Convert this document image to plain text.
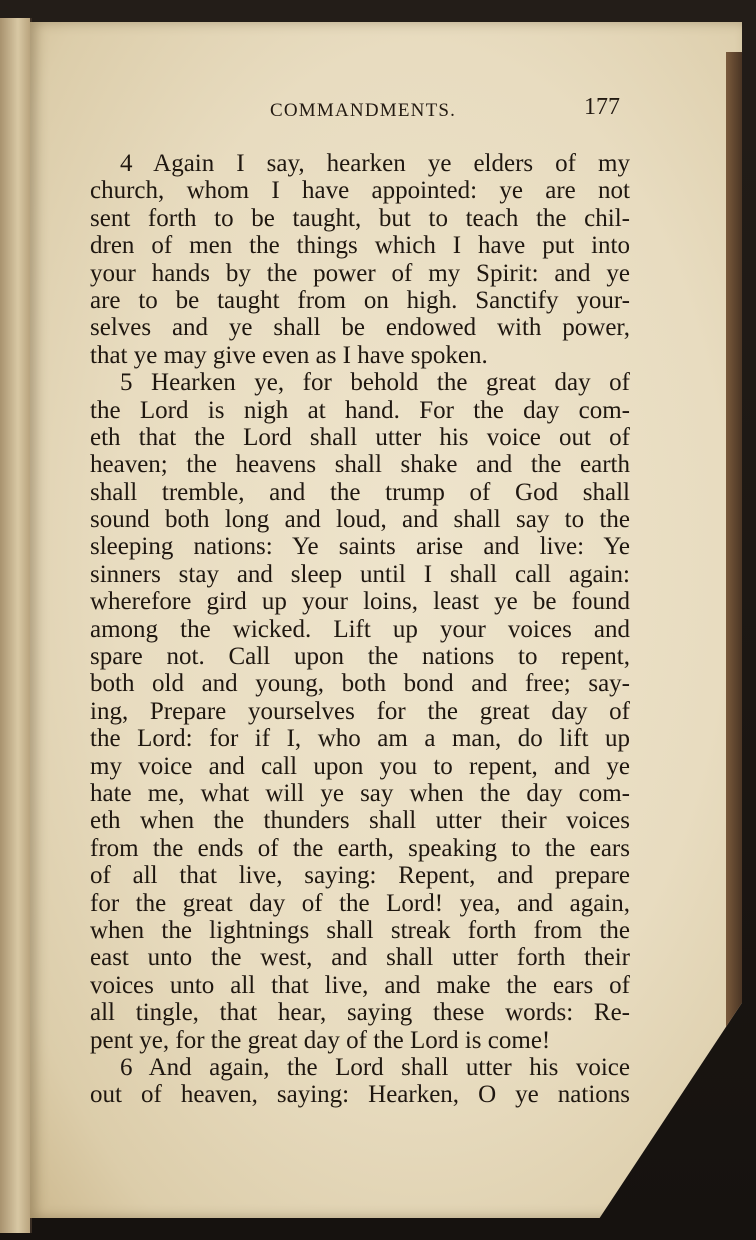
COMMANDMENTS.	177
4 Again I say, hearken ye elders of my
church, whom I have appointed: ye are not
sent forth to be taught, but to teach the chil-
dren of men the things which I have put into
your hands by the power of my Spirit: and ye
are to be taught from on high. Sanctify your-
selves and ye shall be endowed with power,
that ye may give even as I have spoken.
5 Hearken ye, for behold the great day of
the Lord is nigh at hand. For the day com-
eth that the Lord shall utter his voice out of
heaven; the heavens shall shake and the earth
shall tremble, and the trump of God shall
sound both long and loud, and shall say to the
sleeping nations: Ye saints arise and live: Ye
sinners stay and sleep until I shall call again:
wherefore gird up your loins, least ye be found
among the wicked. Lift up your voices and
spare not. Call upon the nations to repent,
both old and young, both bond and free; say-
ing, Prepare yourselves for the great day of
the Lord: for if I, who am a man, do lift up
my voice and call upon you to repent, and ye
hate me, what will ye say when the day com-
eth when the thunders shall utter their voices
from the ends of the earth, speaking to the ears
of all that live, saying: Repent, and prepare
for the great day of the Lord! yea, and again,
when the lightnings shall streak forth from the
east unto the west, and shall utter forth their
voices unto all that live, and make the ears of
all tingle, that hear, saying these words: Re-
pent ye, for the great day of the Lord is come!
6 And again, the Lord shall utter his voice
out of heaven, saying: Hearken, O ye nations
